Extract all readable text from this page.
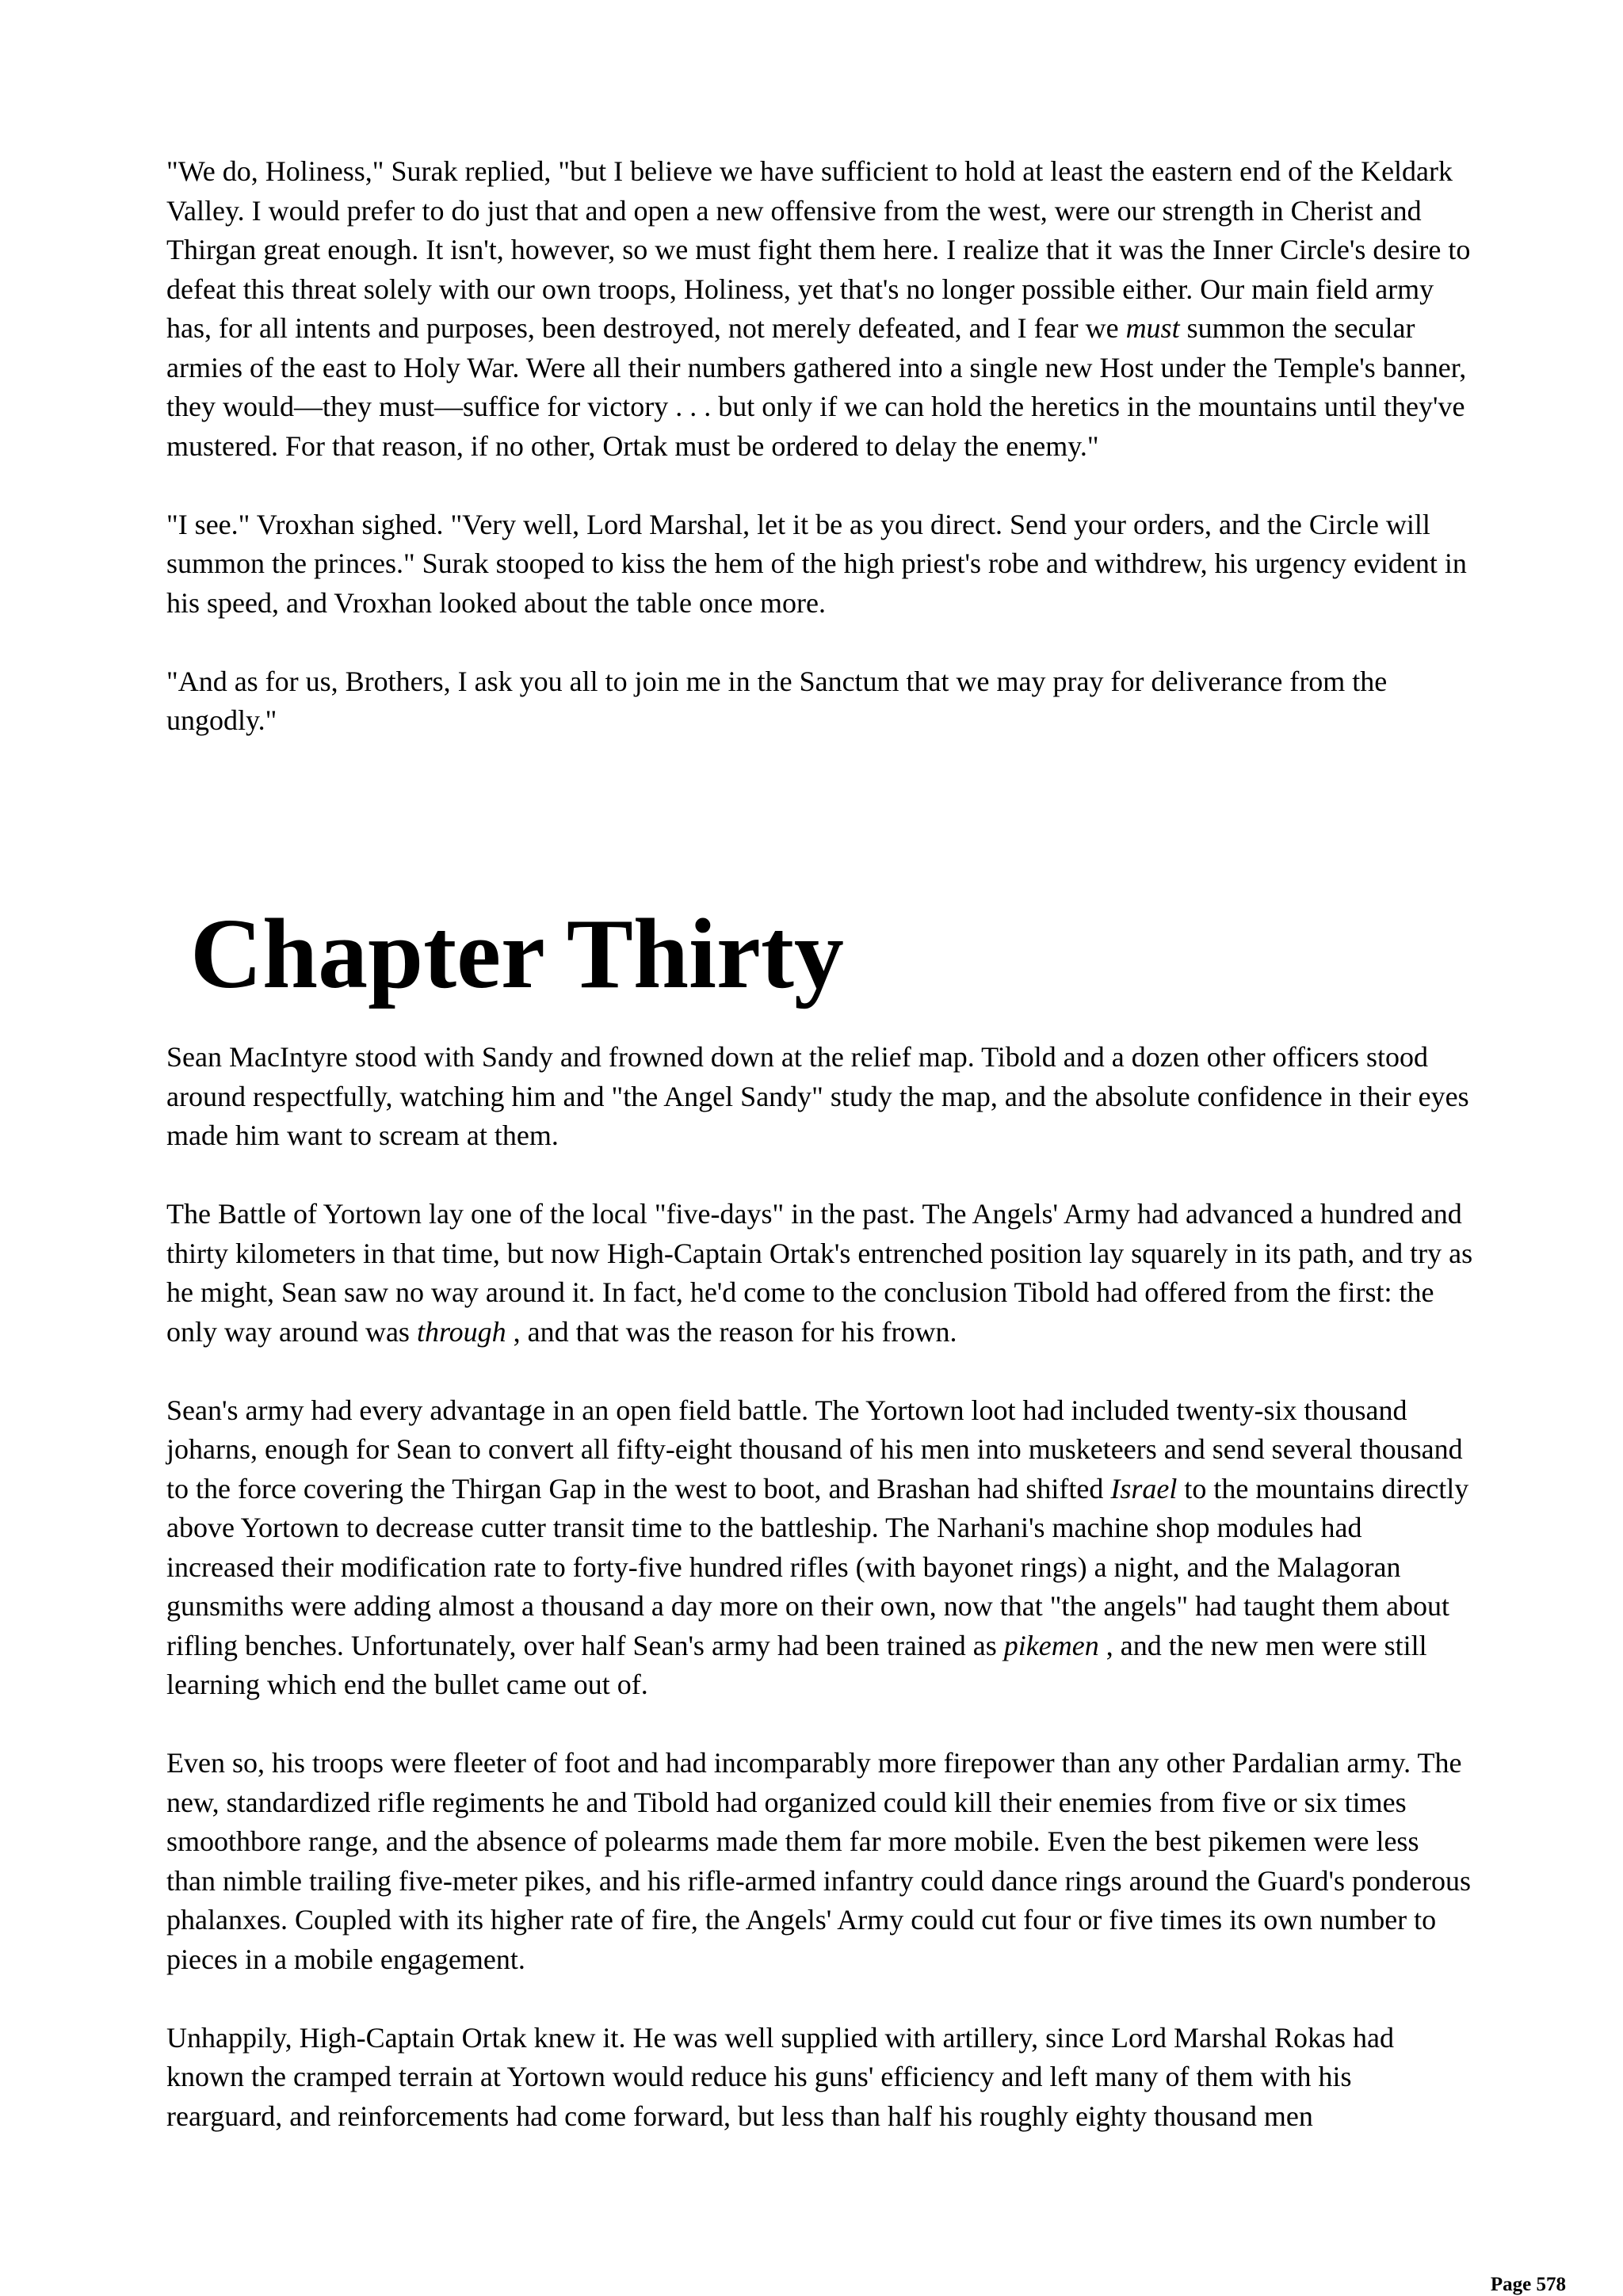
"We do, Holiness," Surak replied, "but I believe we have sufficient to hold at least the eastern end of the Keldark Valley. I would prefer to do just that and open a new offensive from the west, were our strength in Cherist and Thirgan great enough. It isn't, however, so we must fight them here. I realize that it was the Inner Circle's desire to defeat this threat solely with our own troops, Holiness, yet that's no longer possible either. Our main field army has, for all intents and purposes, been destroyed, not merely defeated, and I fear we must summon the secular armies of the east to Holy War. Were all their numbers gathered into a single new Host under the Temple's banner, they would—they must—suffice for victory . . . but only if we can hold the heretics in the mountains until they've mustered. For that reason, if no other, Ortak must be ordered to delay the enemy."

"I see." Vroxhan sighed. "Very well, Lord Marshal, let it be as you direct. Send your orders, and the Circle will summon the princes." Surak stooped to kiss the hem of the high priest's robe and withdrew, his urgency evident in his speed, and Vroxhan looked about the table once more.

"And as for us, Brothers, I ask you all to join me in the Sanctum that we may pray for deliverance from the ungodly."

Chapter Thirty

Sean MacIntyre stood with Sandy and frowned down at the relief map. Tibold and a dozen other officers stood around respectfully, watching him and "the Angel Sandy" study the map, and the absolute confidence in their eyes made him want to scream at them.

The Battle of Yortown lay one of the local "five-days" in the past. The Angels' Army had advanced a hundred and thirty kilometers in that time, but now High-Captain Ortak's entrenched position lay squarely in its path, and try as he might, Sean saw no way around it. In fact, he'd come to the conclusion Tibold had offered from the first: the only way around was through , and that was the reason for his frown.

Sean's army had every advantage in an open field battle. The Yortown loot had included twenty-six thousand joharns, enough for Sean to convert all fifty-eight thousand of his men into musketeers and send several thousand to the force covering the Thirgan Gap in the west to boot, and Brashan had shifted Israel to the mountains directly above Yortown to decrease cutter transit time to the battleship. The Narhani's machine shop modules had increased their modification rate to forty-five hundred rifles (with bayonet rings) a night, and the Malagoran gunsmiths were adding almost a thousand a day more on their own, now that "the angels" had taught them about rifling benches. Unfortunately, over half Sean's army had been trained as pikemen , and the new men were still learning which end the bullet came out of.

Even so, his troops were fleeter of foot and had incomparably more firepower than any other Pardalian army. The new, standardized rifle regiments he and Tibold had organized could kill their enemies from five or six times smoothbore range, and the absence of polearms made them far more mobile. Even the best pikemen were less than nimble trailing five-meter pikes, and his rifle-armed infantry could dance rings around the Guard's ponderous phalanxes. Coupled with its higher rate of fire, the Angels' Army could cut four or five times its own number to pieces in a mobile engagement.

Unhappily, High-Captain Ortak knew it. He was well supplied with artillery, since Lord Marshal Rokas had known the cramped terrain at Yortown would reduce his guns' efficiency and left many of them with his rearguard, and reinforcements had come forward, but less than half his roughly eighty thousand men

Page 578
